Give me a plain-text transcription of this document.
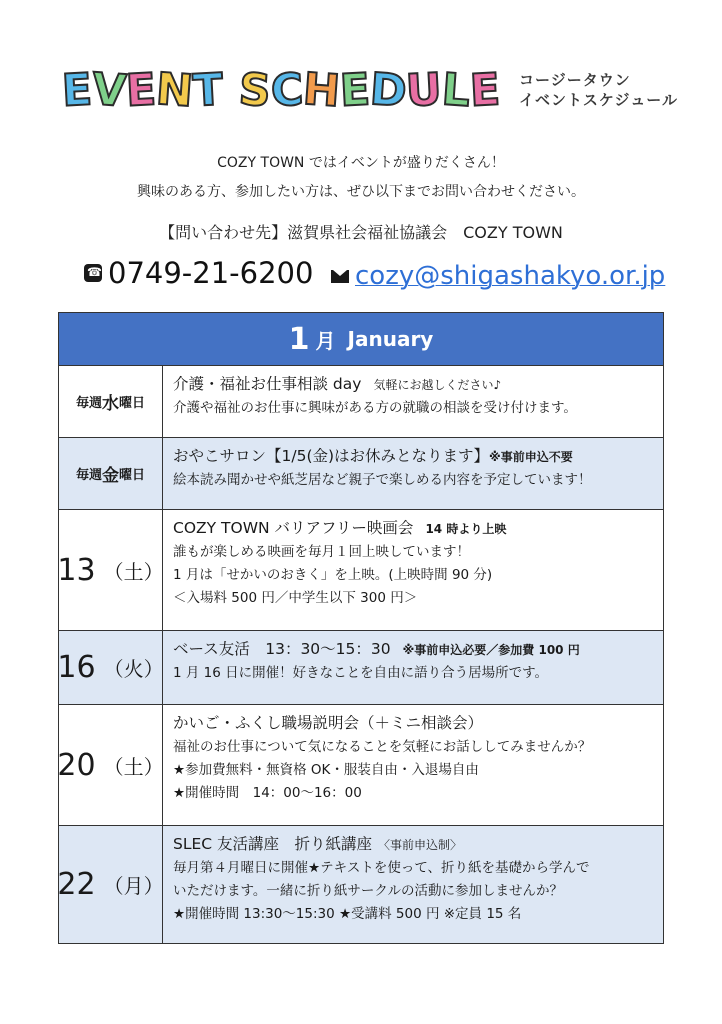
E
V
E
N
T S
C
H
E
D
U
L
E コージータウン
イベントスケジュール
COZY TOWN ではイベントが盛りだくさん！
興味のある方、参加したい方は、ぜひ以下までお問い合わせください。
【問い合わせ先】滋賀県社会福祉協議会　COZY TOWN
☎
0749-21-6200 cozy@shigashakyo.or.jp
1 月 January
毎週 水 曜日
介護・福祉お仕事相談 day　気軽にお越しください♪
介護や福祉のお仕事に興味がある方の就職の相談を受け付けます。
毎週 金 曜日
おやこサロン【1/5(金)はお休みとなります】※事前申込不要
絵本読み聞かせや紙芝居など親子で楽しめる内容を予定しています！
13 （土）
COZY TOWN バリアフリー映画会　14 時より上映
誰もが楽しめる映画を毎月１回上映しています！
1 月は「せかいのおきく」を上映。(上映時間 90 分)
＜入場料 500 円／中学生以下 300 円＞
16 （火）
ベース友活　13：30～15：30　※事前申込必要／参加費 100 円
1 月 16 日に開催！好きなことを自由に語り合う居場所です。
20 （土）
かいご・ふくし職場説明会（＋ミニ相談会）
福祉のお仕事について気になることを気軽にお話ししてみませんか？
★参加費無料・無資格 OK・服装自由・入退場自由
★開催時間　14：00～16：00
22 （月）
SLEC 友活講座　折り紙講座　〈事前申込制〉
毎月第４月曜日に開催★テキストを使って、折り紙を基礎から学んで
いただけます。一緒に折り紙サークルの活動に参加しませんか？
★開催時間 13:30～15:30 ★受講料 500 円 ※定員 15 名
